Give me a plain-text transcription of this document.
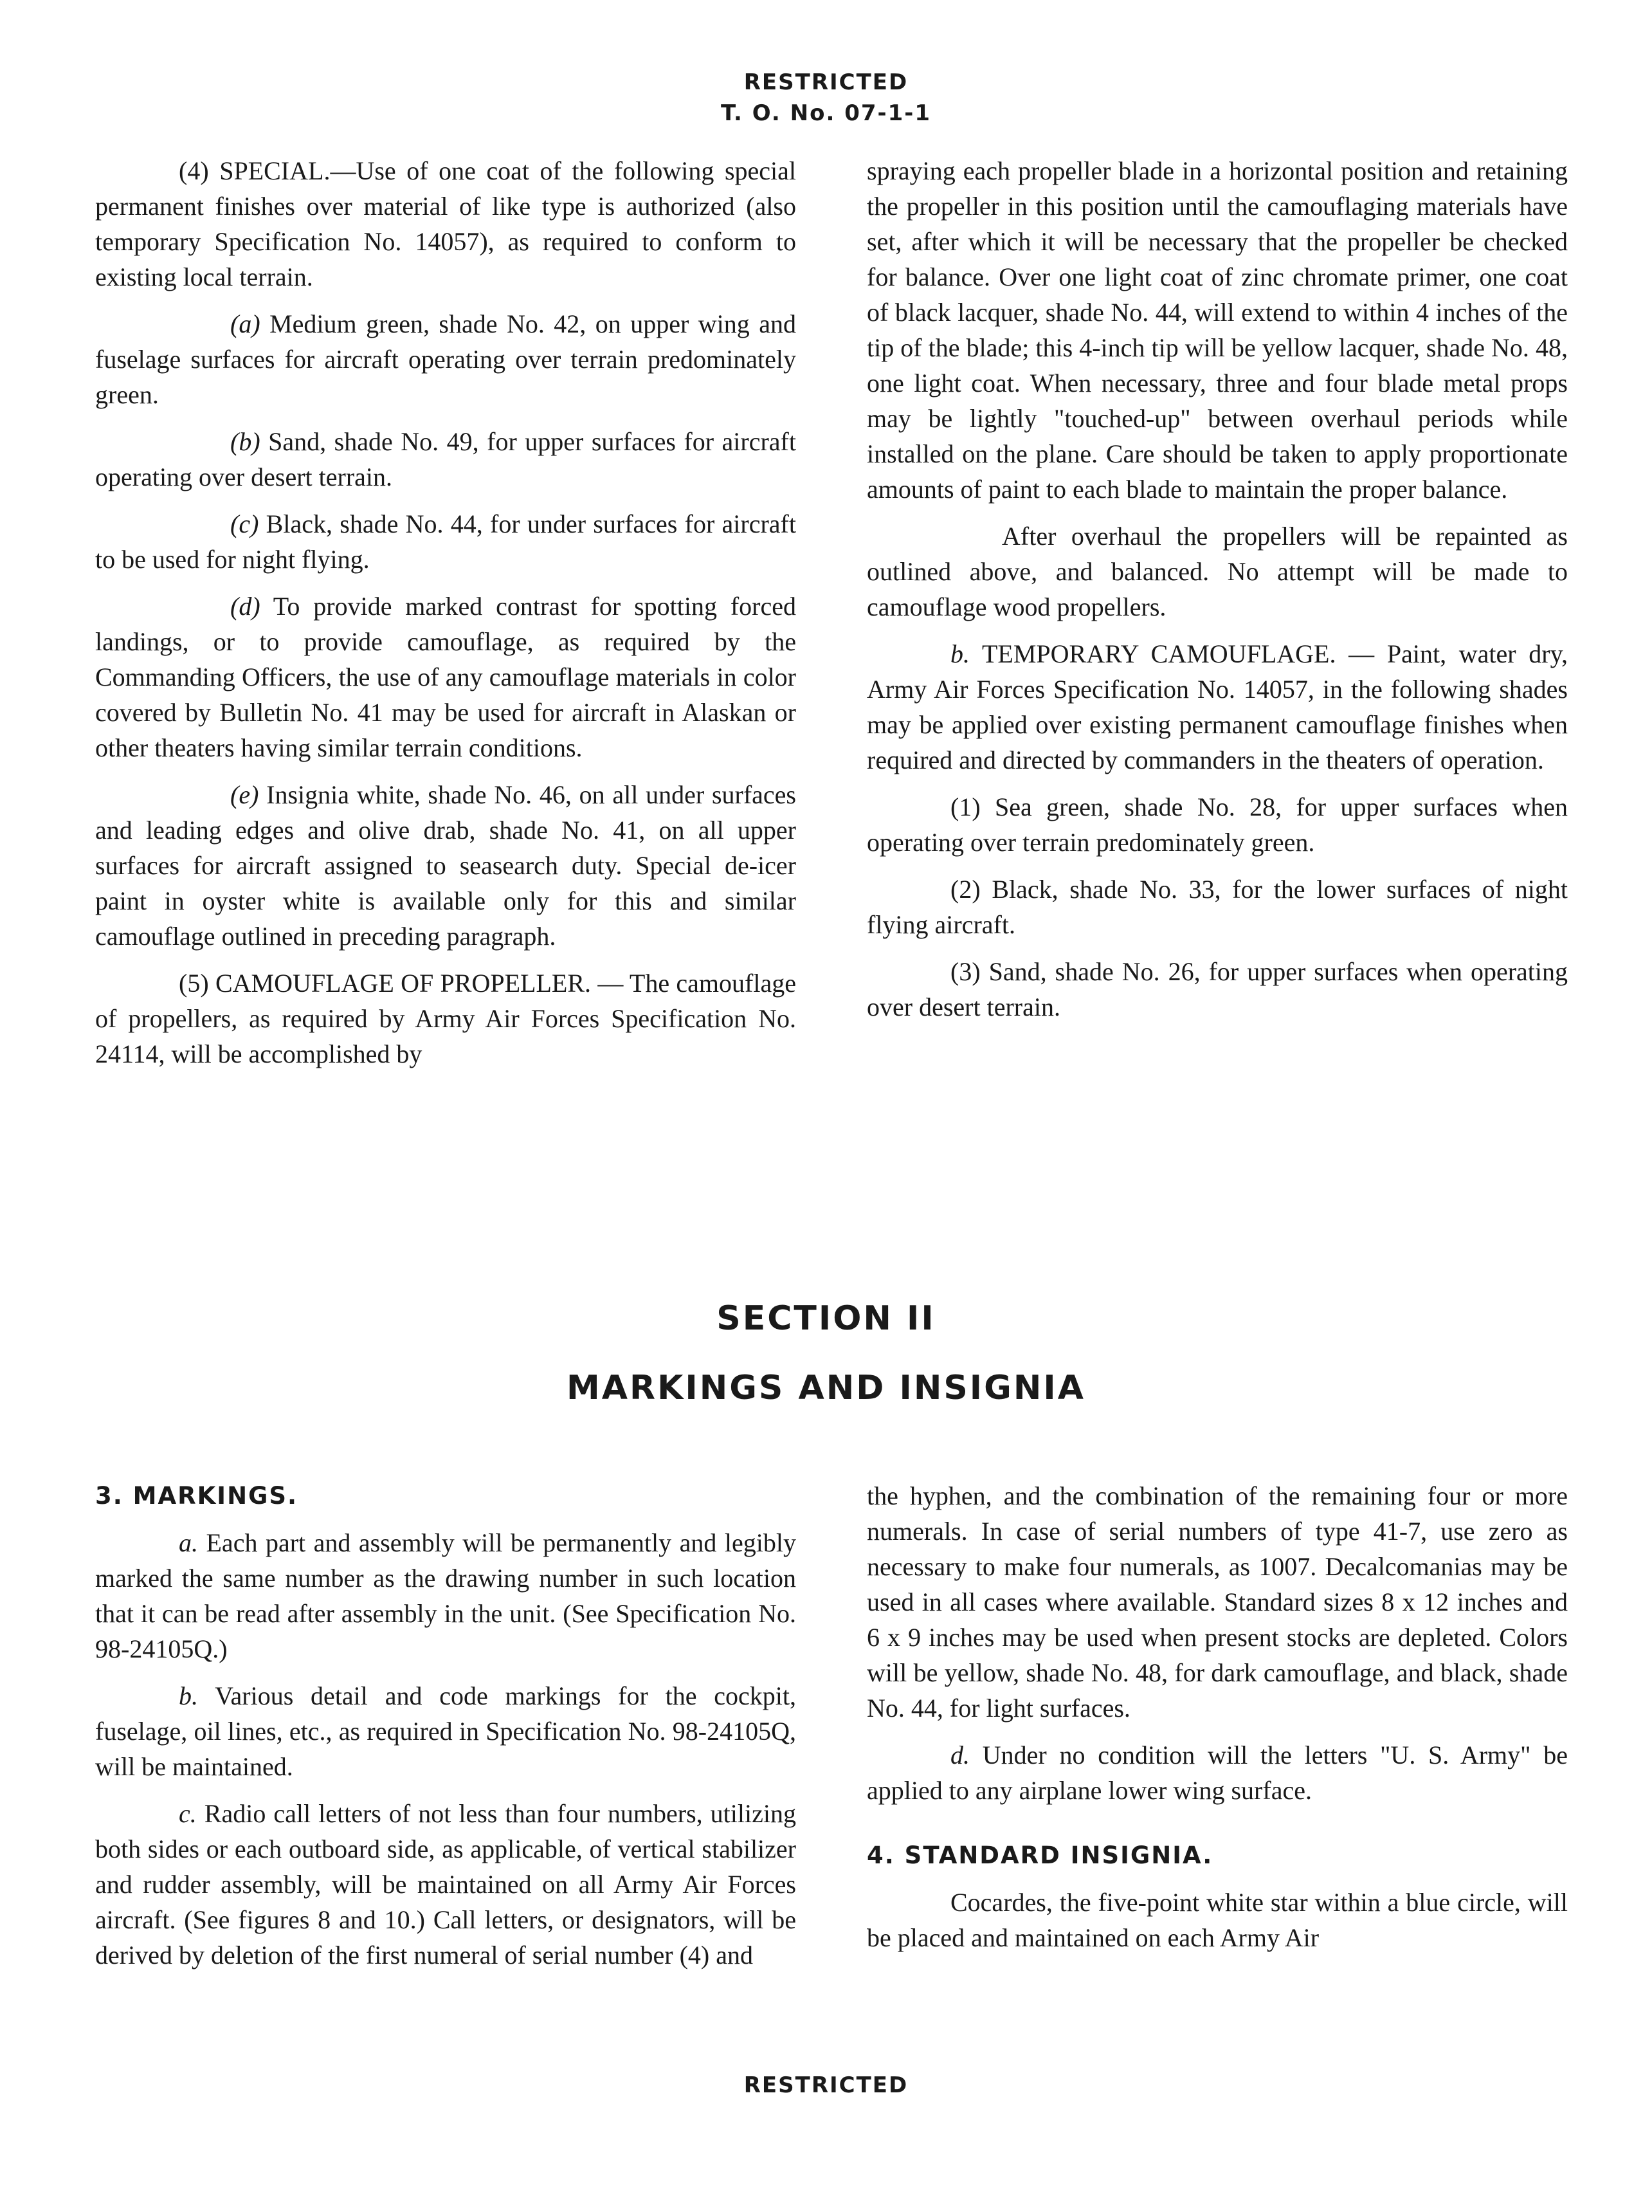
RESTRICTED
T. O. No. 07-1-1

(4) SPECIAL.—Use of one coat of the following special permanent finishes over material of like type is authorized (also temporary Specification No. 14057), as required to conform to existing local terrain.

(a) Medium green, shade No. 42, on upper wing and fuselage surfaces for aircraft operating over terrain predominately green.

(b) Sand, shade No. 49, for upper surfaces for aircraft operating over desert terrain.

(c) Black, shade No. 44, for under surfaces for aircraft to be used for night flying.

(d) To provide marked contrast for spotting forced landings, or to provide camouflage, as required by the Commanding Officers, the use of any camouflage materials in color covered by Bulletin No. 41 may be used for aircraft in Alaskan or other theaters having similar terrain conditions.

(e) Insignia white, shade No. 46, on all under surfaces and leading edges and olive drab, shade No. 41, on all upper surfaces for aircraft assigned to seasearch duty. Special de-icer paint in oyster white is available only for this and similar camouflage outlined in preceding paragraph.

(5) CAMOUFLAGE OF PROPELLER. — The camouflage of propellers, as required by Army Air Forces Specification No. 24114, will be accomplished by

spraying each propeller blade in a horizontal position and retaining the propeller in this position until the camouflaging materials have set, after which it will be necessary that the propeller be checked for balance. Over one light coat of zinc chromate primer, one coat of black lacquer, shade No. 44, will extend to within 4 inches of the tip of the blade; this 4-inch tip will be yellow lacquer, shade No. 48, one light coat. When necessary, three and four blade metal props may be lightly "touched-up" between overhaul periods while installed on the plane. Care should be taken to apply proportionate amounts of paint to each blade to maintain the proper balance.

After overhaul the propellers will be repainted as outlined above, and balanced. No attempt will be made to camouflage wood propellers.

b. TEMPORARY CAMOUFLAGE. — Paint, water dry, Army Air Forces Specification No. 14057, in the following shades may be applied over existing permanent camouflage finishes when required and directed by commanders in the theaters of operation.

(1) Sea green, shade No. 28, for upper surfaces when operating over terrain predominately green.

(2) Black, shade No. 33, for the lower surfaces of night flying aircraft.

(3) Sand, shade No. 26, for upper surfaces when operating over desert terrain.

SECTION II
MARKINGS AND INSIGNIA

3. MARKINGS.

a. Each part and assembly will be permanently and legibly marked the same number as the drawing number in such location that it can be read after assembly in the unit. (See Specification No. 98-24105Q.)

b. Various detail and code markings for the cockpit, fuselage, oil lines, etc., as required in Specification No. 98-24105Q, will be maintained.

c. Radio call letters of not less than four numbers, utilizing both sides or each outboard side, as applicable, of vertical stabilizer and rudder assembly, will be maintained on all Army Air Forces aircraft. (See figures 8 and 10.) Call letters, or designators, will be derived by deletion of the first numeral of serial number (4) and

the hyphen, and the combination of the remaining four or more numerals. In case of serial numbers of type 41-7, use zero as necessary to make four numerals, as 1007. Decalcomanias may be used in all cases where available. Standard sizes 8 x 12 inches and 6 x 9 inches may be used when present stocks are depleted. Colors will be yellow, shade No. 48, for dark camouflage, and black, shade No. 44, for light surfaces.

d. Under no condition will the letters "U. S. Army" be applied to any airplane lower wing surface.

4. STANDARD INSIGNIA.

Cocardes, the five-point white star within a blue circle, will be placed and maintained on each Army Air

RESTRICTED
